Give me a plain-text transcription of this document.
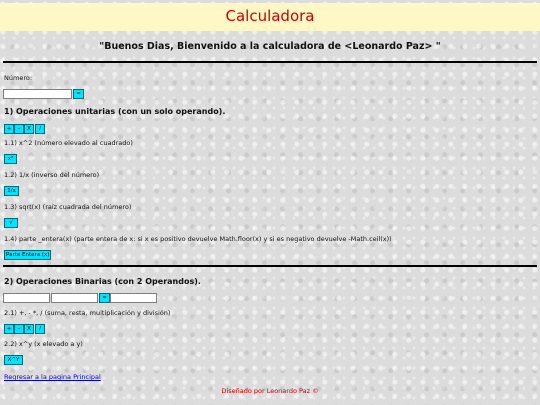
Calculadora
"Buenos Dias, Bienvenido a la calculadora de <Leonardo Paz> "
Número:
=
1) Operaciones unitarias (con un solo operando).
+	-	X	/
1.1) x^2 (número elevado al cuadrado)
x²
1.2) 1/x (inverso del número)
1/x
1.3) sqrt(x) (raíz cuadrada del número)
√
1.4) parte _entera(x) (parte entera de x: si x es positivo devuelve Math.floor(x) y si es negativo devuelve -Math.ceil(x))
Parte Entera (x)
2) Operaciones Binarias (con 2 Operandos).
=
2.1) +, - *, / (suma, resta, multiplicación y división)
+	-	X	/
2.2) x^y (x elevado a y)
X^Y
Regresar a la pagina Principal
Diseñado por Leonardo Paz ©
